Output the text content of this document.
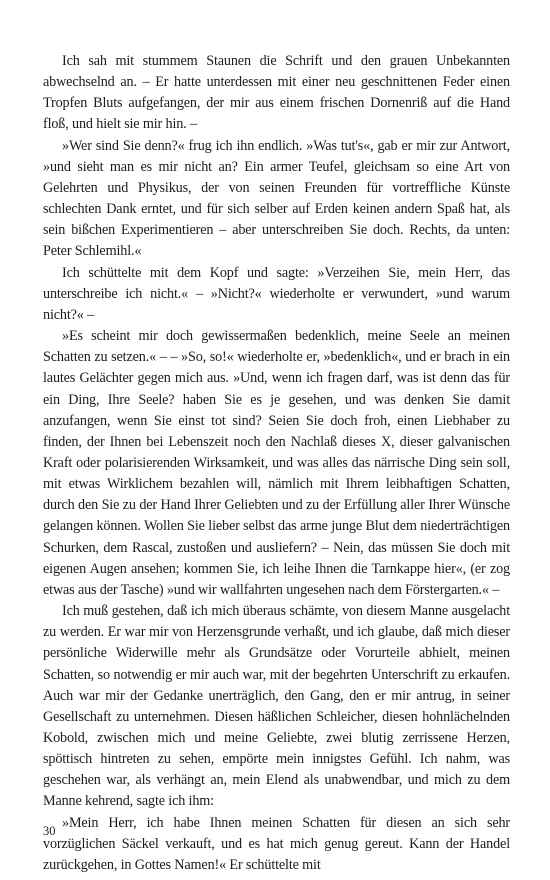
Ich sah mit stummem Staunen die Schrift und den grauen Unbekannten abwechselnd an. – Er hatte unterdessen mit einer neu geschnittenen Feder einen Tropfen Bluts aufgefangen, der mir aus einem frischen Dornenriß auf die Hand floß, und hielt sie mir hin. –

»Wer sind Sie denn?« frug ich ihn endlich. »Was tut's«, gab er mir zur Antwort, »und sieht man es mir nicht an? Ein armer Teufel, gleichsam so eine Art von Gelehrten und Physikus, der von seinen Freunden für vortreffliche Künste schlechten Dank erntet, und für sich selber auf Erden keinen andern Spaß hat, als sein bißchen Experimentieren – aber unterschreiben Sie doch. Rechts, da unten: Peter Schlemihl.«

Ich schüttelte mit dem Kopf und sagte: »Verzeihen Sie, mein Herr, das unterschreibe ich nicht.« – »Nicht?« wiederholte er verwundert, »und warum nicht?« –

»Es scheint mir doch gewissermaßen bedenklich, meine Seele an meinen Schatten zu setzen.« – – »So, so!« wiederholte er, »bedenklich«, und er brach in ein lautes Gelächter gegen mich aus. »Und, wenn ich fragen darf, was ist denn das für ein Ding, Ihre Seele? haben Sie es je gesehen, und was denken Sie damit anzufangen, wenn Sie einst tot sind? Seien Sie doch froh, einen Liebhaber zu finden, der Ihnen bei Lebenszeit noch den Nachlaß dieses X, dieser galvanischen Kraft oder polarisierenden Wirksamkeit, und was alles das närrische Ding sein soll, mit etwas Wirklichem bezahlen will, nämlich mit Ihrem leibhaftigen Schatten, durch den Sie zu der Hand Ihrer Geliebten und zu der Erfüllung aller Ihrer Wünsche gelangen können. Wollen Sie lieber selbst das arme junge Blut dem niederträchtigen Schurken, dem Rascal, zustoßen und ausliefern? – Nein, das müssen Sie doch mit eigenen Augen ansehen; kommen Sie, ich leihe Ihnen die Tarnkappe hier«, (er zog etwas aus der Tasche) »und wir wallfahrten ungesehen nach dem Förstergarten.« –

Ich muß gestehen, daß ich mich überaus schämte, von diesem Manne ausgelacht zu werden. Er war mir von Herzensgrunde verhaßt, und ich glaube, daß mich dieser persönliche Widerwille mehr als Grundsätze oder Vorurteile abhielt, meinen Schatten, so notwendig er mir auch war, mit der begehrten Unterschrift zu erkaufen. Auch war mir der Gedanke unerträglich, den Gang, den er mir antrug, in seiner Gesellschaft zu unternehmen. Diesen häßlichen Schleicher, diesen hohnlächelnden Kobold, zwischen mich und meine Geliebte, zwei blutig zerrissene Herzen, spöttisch hintreten zu sehen, empörte mein innigstes Gefühl. Ich nahm, was geschehen war, als verhängt an, mein Elend als unabwendbar, und mich zu dem Manne kehrend, sagte ich ihm:

»Mein Herr, ich habe Ihnen meinen Schatten für diesen an sich sehr vorzüglichen Säckel verkauft, und es hat mich genug gereut. Kann der Handel zurückgehen, in Gottes Namen!« Er schüttelte mit

30
